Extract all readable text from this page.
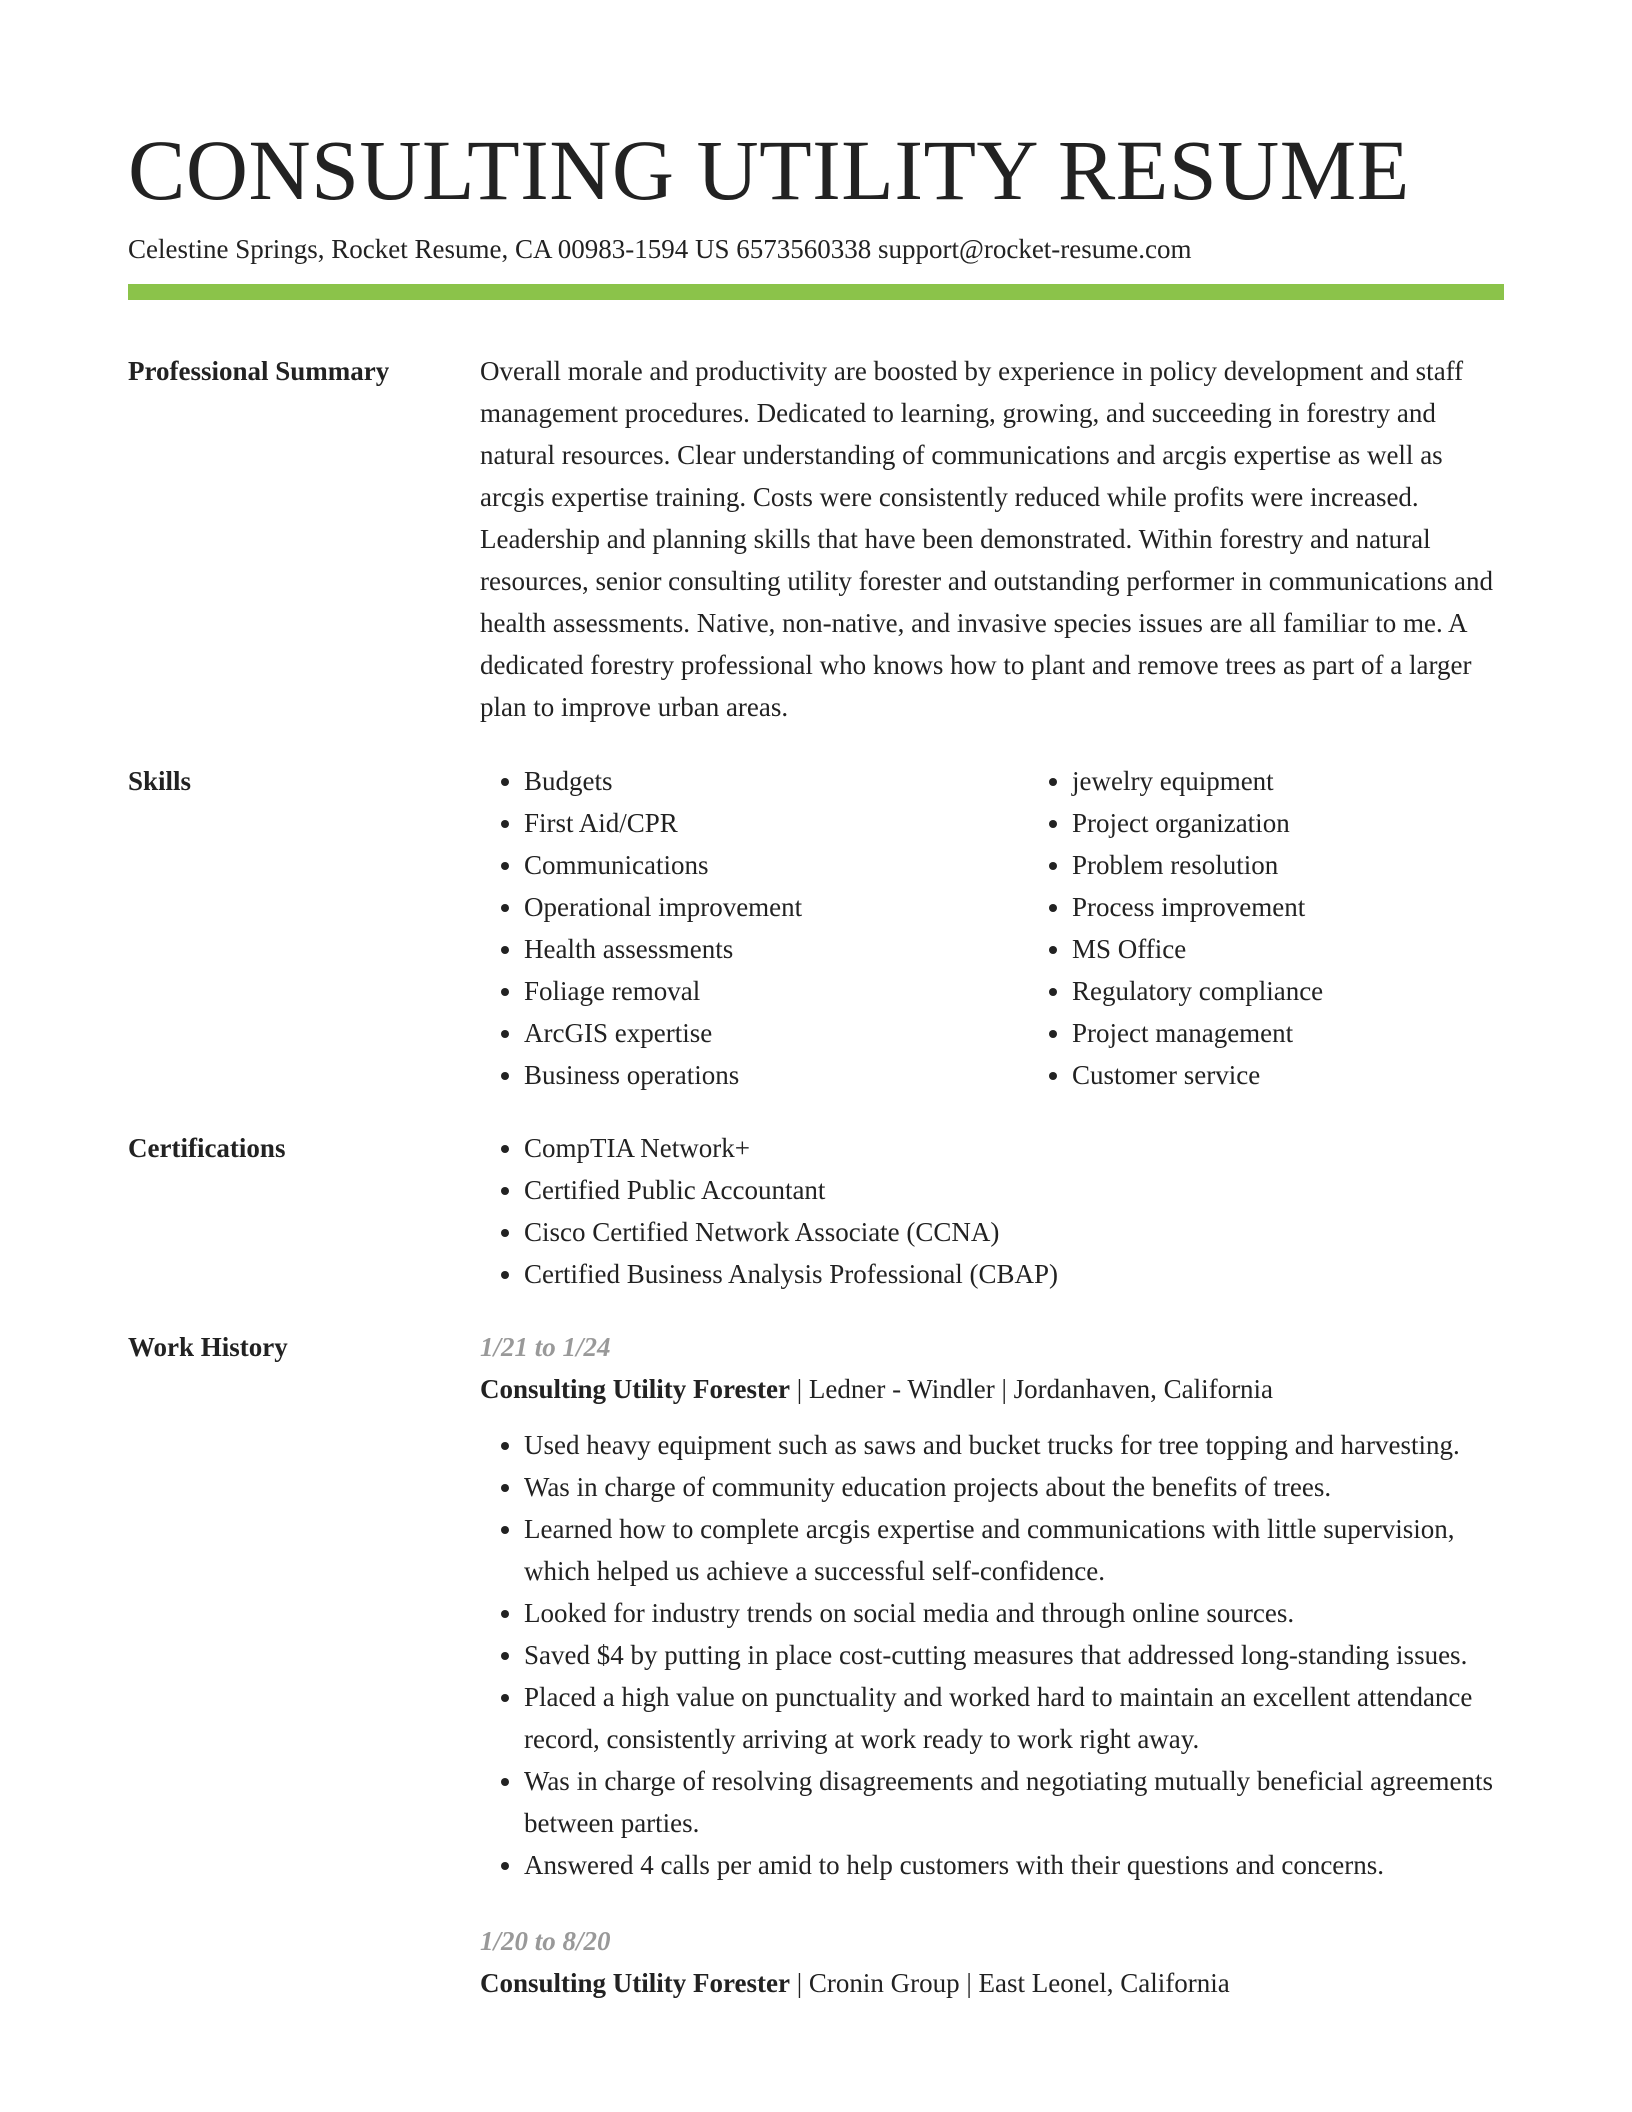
CONSULTING UTILITY RESUME
Celestine Springs, Rocket Resume, CA 00983-1594 US 6573560338 support@rocket-resume.com
Professional Summary	Overall morale and productivity are boosted by experience in policy development and staff management procedures. Dedicated to learning, growing, and succeeding in forestry and natural resources. Clear understanding of communications and arcgis expertise as well as arcgis expertise training. Costs were consistently reduced while profits were increased. Leadership and planning skills that have been demonstrated. Within forestry and natural resources, senior consulting utility forester and outstanding performer in communications and health assessments. Native, non-native, and invasive species issues are all familiar to me. A dedicated forestry professional who knows how to plant and remove trees as part of a larger plan to improve urban areas.

Skills	• Budgets
• First Aid/CPR
• Communications
• Operational improvement
• Health assessments
• Foliage removal
• ArcGIS expertise
• Business operations
• jewelry equipment
• Project organization
• Problem resolution
• Process improvement
• MS Office
• Regulatory compliance
• Project management
• Customer service
Certifications	• CompTIA Network+
• Certified Public Accountant
• Cisco Certified Network Associate (CCNA)
• Certified Business Analysis Professional (CBAP)
Work History	1/21 to 1/24
Consulting Utility Forester | Ledner - Windler | Jordanhaven, California
• Used heavy equipment such as saws and bucket trucks for tree topping and harvesting.
• Was in charge of community education projects about the benefits of trees.
• Learned how to complete arcgis expertise and communications with little supervision, which helped us achieve a successful self-confidence.
• Looked for industry trends on social media and through online sources.
• Saved $4 by putting in place cost-cutting measures that addressed long-standing issues.
• Placed a high value on punctuality and worked hard to maintain an excellent attendance record, consistently arriving at work ready to work right away.
• Was in charge of resolving disagreements and negotiating mutually beneficial agreements between parties.
• Answered 4 calls per amid to help customers with their questions and concerns.
1/20 to 8/20
Consulting Utility Forester | Cronin Group | East Leonel, California
